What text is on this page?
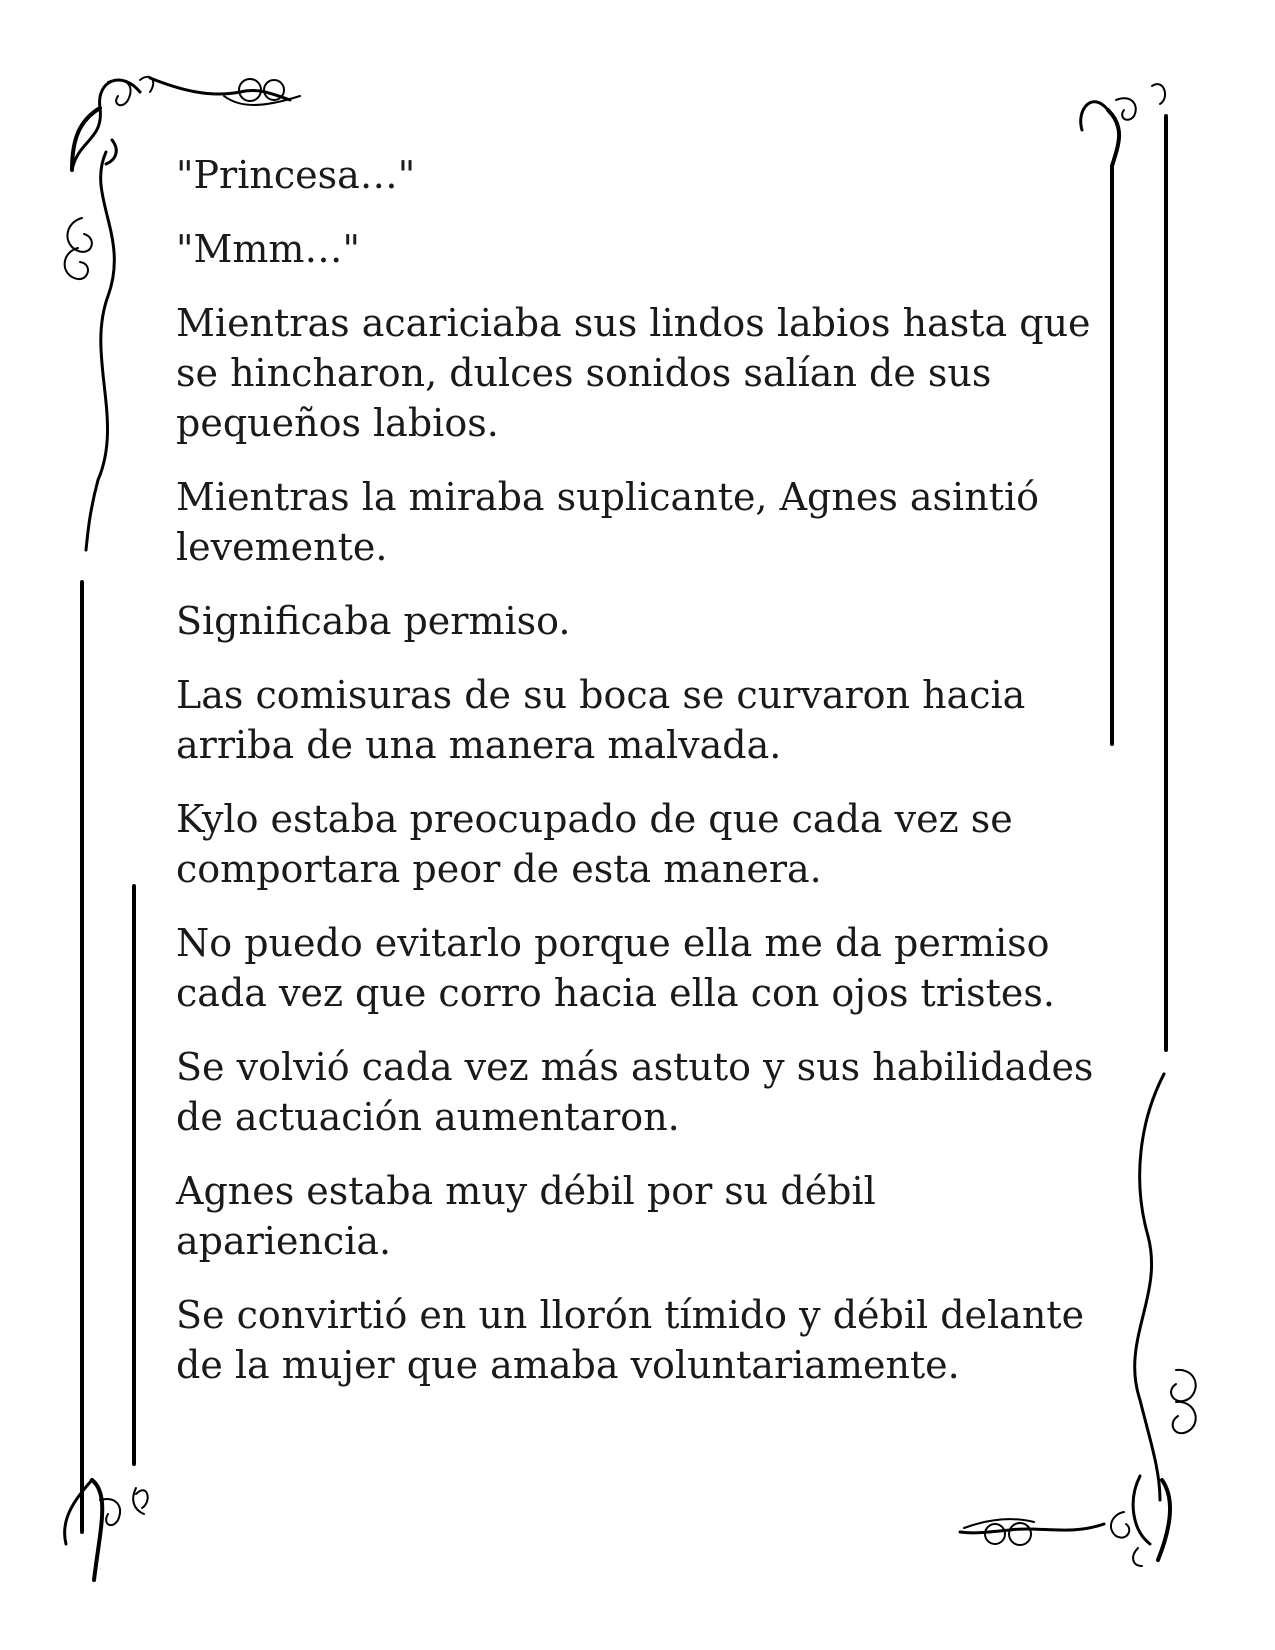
"Princesa…"

"Mmm…"

Mientras acariciaba sus lindos labios hasta que
se hincharon, dulces sonidos salían de sus
pequeños labios.

Mientras la miraba suplicante, Agnes asintió
levemente.

Significaba permiso.

Las comisuras de su boca se curvaron hacia
arriba de una manera malvada.

Kylo estaba preocupado de que cada vez se
comportara peor de esta manera.

No puedo evitarlo porque ella me da permiso
cada vez que corro hacia ella con ojos tristes.

Se volvió cada vez más astuto y sus habilidades
de actuación aumentaron.

Agnes estaba muy débil por su débil
apariencia.

Se convirtió en un llorón tímido y débil delante
de la mujer que amaba voluntariamente.
